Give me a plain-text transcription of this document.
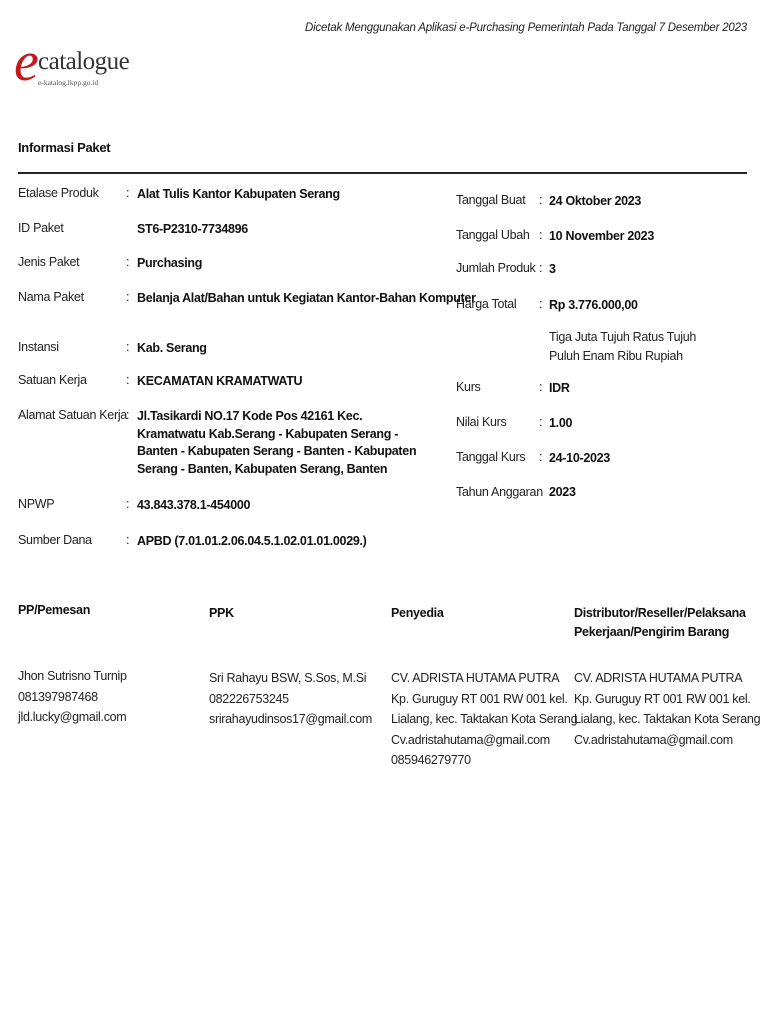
Dicetak Menggunakan Aplikasi e-Purchasing Pemerintah Pada Tanggal 7 Desember 2023
e catalogue
e-katalog.lkpp.go.id
Informasi Paket
Etalase Produk : Alat Tulis Kantor Kabupaten Serang
ID Paket	ST6-P2310-7734896
Jenis Paket	: Purchasing
Nama Paket	: Belanja Alat/Bahan untuk Kegiatan Kantor-Bahan Komputer
Instansi	: Kab. Serang
Satuan Kerja	: KECAMATAN KRAMATWATU
Alamat Satuan Kerja : Jl.Tasikardi NO.17 Kode Pos 42161 Kec. Kramatwatu Kab.Serang - Kabupaten Serang - Banten - Kabupaten Serang - Banten - Kabupaten Serang - Banten, Kabupaten Serang, Banten
NPWP	: 43.843.378.1-454000
Sumber Dana	: APBD (7.01.01.2.06.04.5.1.02.01.01.0029.)
Tanggal Buat : 24 Oktober 2023
Tanggal Ubah : 10 November 2023
Jumlah Produk : 3
Harga Total : Rp 3.776.000,00
Tiga Juta Tujuh Ratus Tujuh Puluh Enam Ribu Rupiah
Kurs	: IDR
Nilai Kurs	: 1.00
Tanggal Kurs : 24-10-2023
Tahun Anggaran 2023
PP/Pemesan
Jhon Sutrisno Turnip
081397987468
jld.lucky@gmail.com
PPK
Sri Rahayu BSW, S.Sos, M.Si
082226753245
srirahayudinsos17@gmail.com
Penyedia
CV. ADRISTA HUTAMA PUTRA
Kp. Guruguy RT 001 RW 001 kel.
Lialang, kec. Taktakan Kota Serang
Cv.adristahutama@gmail.com
085946279770
Distributor/Reseller/Pelaksana Pekerjaan/Pengirim Barang
CV. ADRISTA HUTAMA PUTRA
Kp. Guruguy RT 001 RW 001 kel.
Lialang, kec. Taktakan Kota Serang
Cv.adristahutama@gmail.com
